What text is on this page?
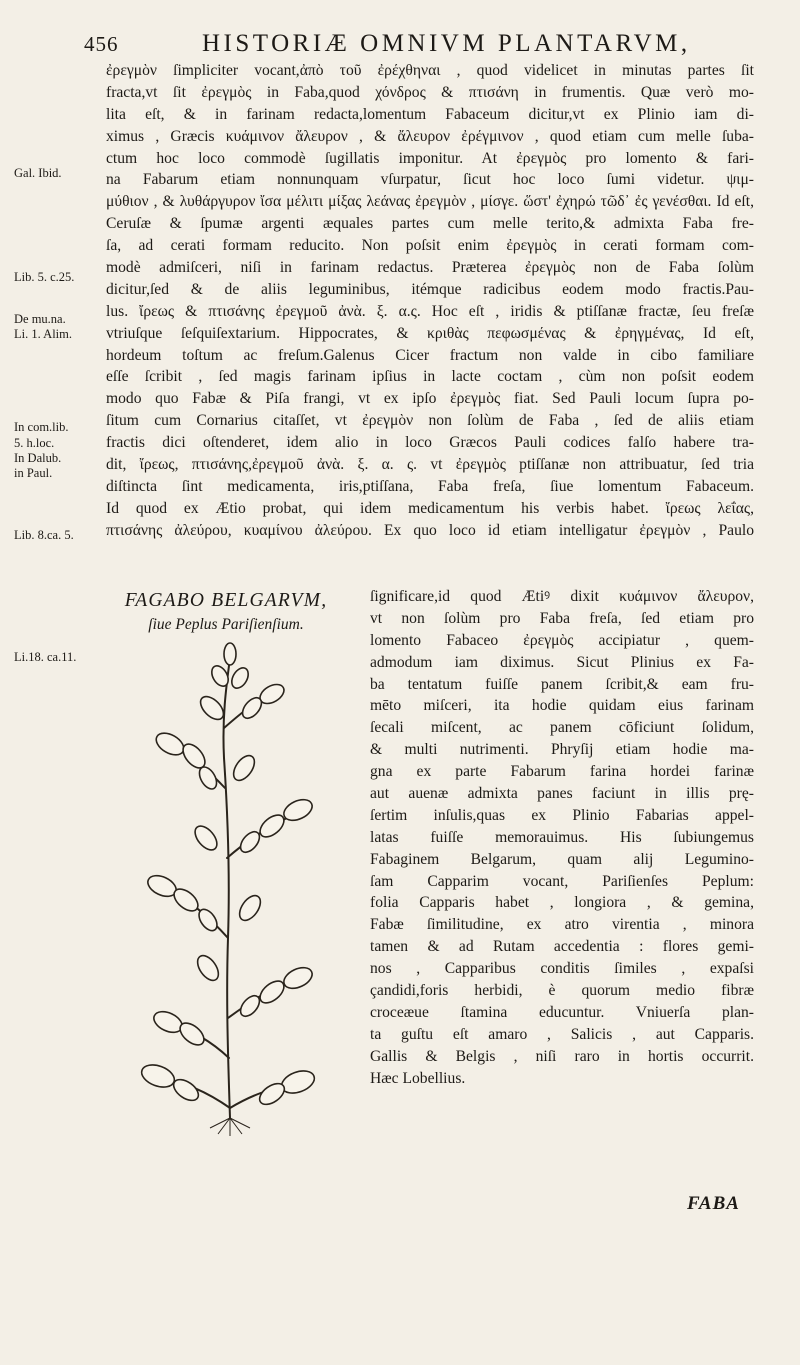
456	HISTORIÆ OMNIVM PLANTARVM,
Gal. Ibid.
Lib. 5. c.25.
De mu.na.
Li. 1. Alim.
In com.lib.
5. h.loc.
In Dalub.
in Paul.
Lib. 8.ca. 5.
Li.18. ca.11.
ἐρεγμὸν ſimpliciter vocant,ἀπὸ τοῦ ἐρέχθηναι , quod videlicet in minutas partes ſit
fracta,vt ſit ἐρεγμὸς in Faba,quod χόνδρος & πτισάνη in frumentis. Quæ verò mo-
lita eſt, & in farinam redacta,lomentum Fabaceum dicitur,vt ex Plinio iam di-
ximus , Græcis κυάμινον ἄλευρον , & ἄλευρον ἐρέγμινον , quod etiam cum melle ſuba-
ctum hoc loco commodè ſugillatis imponitur. At ἐρεγμὸς pro lomento & fari-
na Fabarum etiam nonnunquam vſurpatur, ſicut hoc loco ſumi videtur. ψιμ-
μύθιον , & λυθάργυρον ἴσα μέλιτι μίξας λεάνας ἐρεγμὸν , μίσγε. ὥστ' ἐχηρώ τῶδ᾽ ἐς γενέσθαι. Id eſt,
Ceruſæ & ſpumæ argenti æquales partes cum melle terito,& admixta Faba fre-
ſa, ad cerati formam reducito. Non poſsit enim ἐρεγμὸς in cerati formam com-
modè admiſceri, niſi in farinam redactus. Præterea ἐρεγμὸς non de Faba ſolùm
dicitur,ſed & de aliis leguminibus, itémque radicibus eodem modo fractis.Pau-
lus. ἴρεως & πτισάνης ἐρεγμοῦ ἀνὰ. ξ. α.ς. Hoc eſt , iridis & ptiſſanæ fractæ, ſeu freſæ
vtriuſque ſeſquiſextarium. Hippocrates, & κριθὰς πεφωσμένας & ἐρηγμένας, Id eſt,
hordeum toſtum ac freſum.Galenus Cicer fractum non valde in cibo familiare
eſſe ſcribit , ſed magis farinam ipſius in lacte coctam , cùm non poſsit eodem
modo quo Fabæ & Piſa frangi, vt ex ipſo ἐρεγμὸς fiat. Sed Pauli locum ſupra po-
ſitum cum Cornarius citaſſet, vt ἐρεγμὸν non ſolùm de Faba , ſed de aliis etiam
fractis dici oſtenderet, idem alio in loco Græcos Pauli codices falſo habere tra-
dit, ἴρεως, πτισάνης,ἐρεγμοῦ ἀνὰ. ξ. α. ς. vt ἐρεγμὸς ptiſſanæ non attribuatur, ſed tria
diſtincta ſint medicamenta, iris,ptiſſana, Faba freſa, ſiue lomentum Fabaceum.
Id quod ex Ætio probat, qui idem medicamentum his verbis habet. ἴρεως λεΐας,
πτισάνης ἀλεύρου, κυαμίνου ἀλεύρου. Ex quo loco id etiam intelligatur ἐρεγμὸν , Paulo
FAGABO BELGARVM,
ſiue Peplus Pariſienſium.
ſignificare,id quod Ætiꝰ dixit κυάμινον ἄλευρον,
vt non ſolùm pro Faba freſa, ſed etiam pro
lomento Fabaceo ἐρεγμὸς accipiatur , quem-
admodum iam diximus. Sicut Plinius ex Fa-
ba tentatum fuiſſe panem ſcribit,& eam fru-
mēto miſceri, ita hodie quidam eius farinam
ſecali miſcent, ac panem cōficiunt ſolidum,
& multi nutrimenti. Phryſij etiam hodie ma-
gna ex parte Fabarum farina hordei farinæ
aut auenæ admixta panes faciunt in illis prę-
ſertim inſulis,quas ex Plinio Fabarias appel-
latas fuiſſe memorauimus. His ſubiungemus
Fabaginem Belgarum, quam alij Legumino-
ſam Capparim vocant, Pariſienſes Peplum:
folia Capparis habet , longiora , & gemina,
Fabæ ſimilitudine, ex atro virentia , minora
tamen & ad Rutam accedentia : flores gemi-
nos , Capparibus conditis ſimiles , expaſsi
çandidi,foris herbidi, è quorum medio fibræ
croceæue ſtamina educuntur. Vniuerſa plan-
ta guſtu eſt amaro , Salicis , aut Capparis.
Gallis & Belgis , niſi raro in hortis occurrit.
Hæc Lobellius.
FABA
